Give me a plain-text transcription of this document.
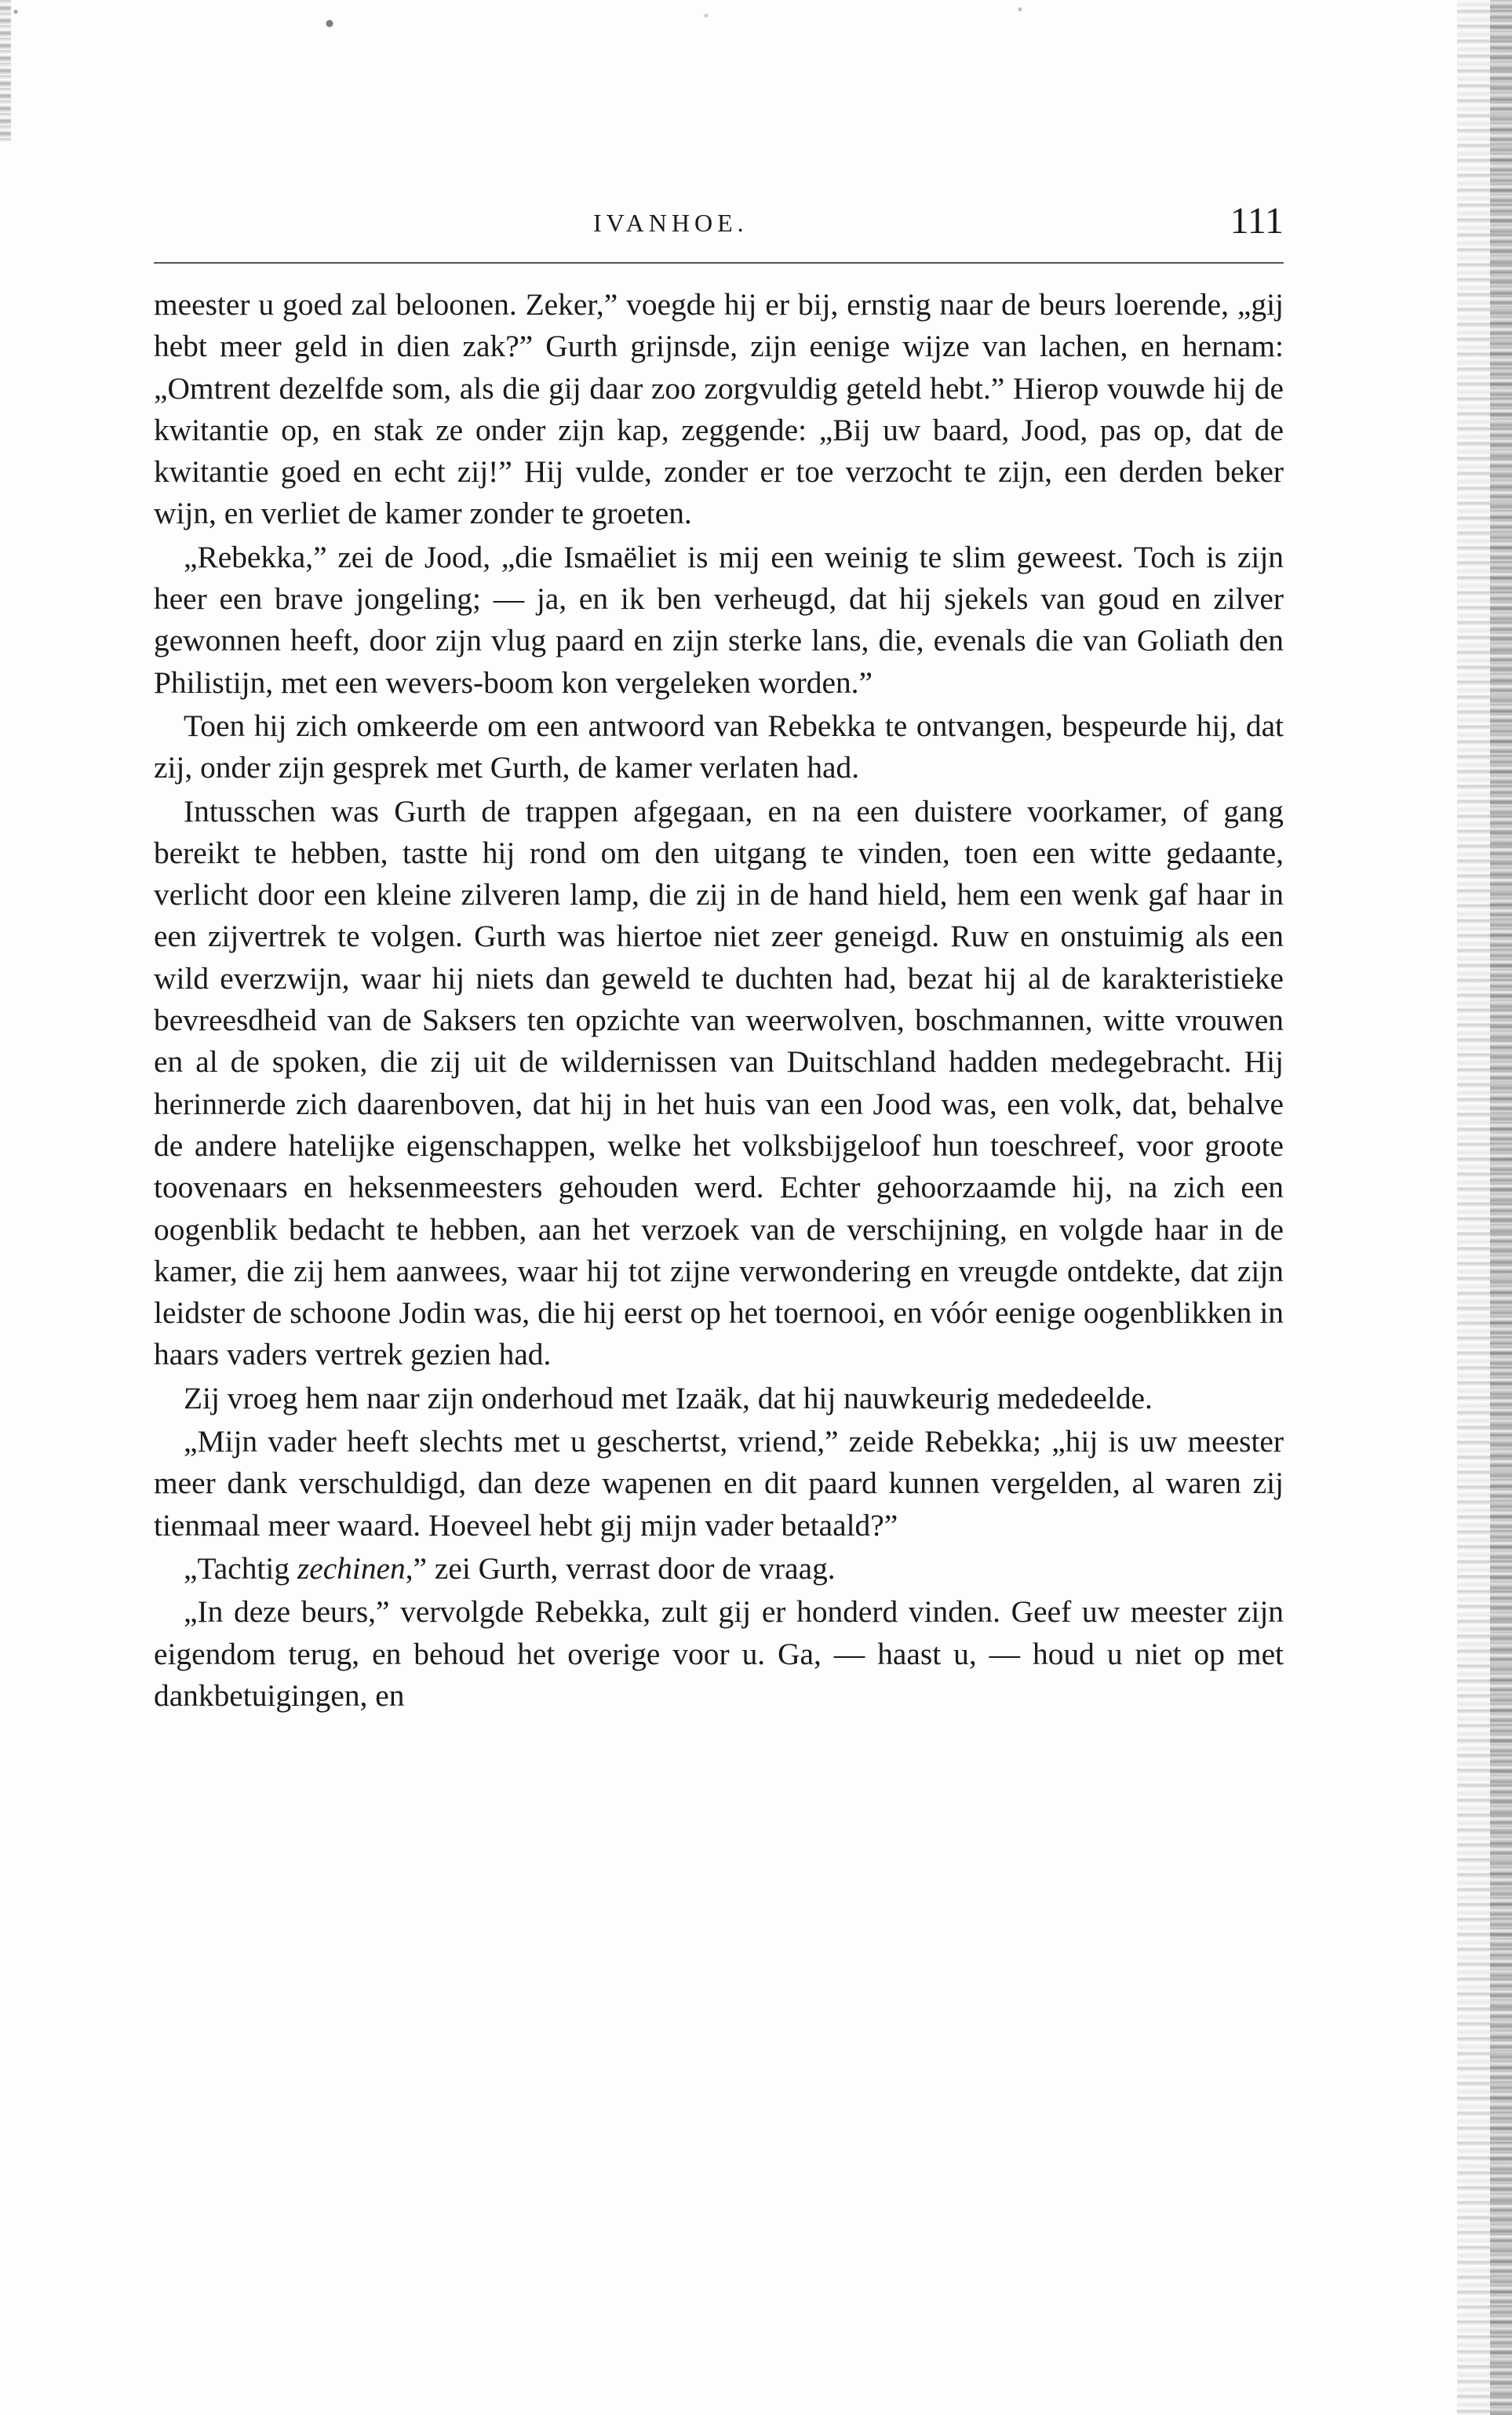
IVANHOE.	111

meester u goed zal beloonen. Zeker,” voegde hij er bij, ernstig naar de beurs loerende, „gij hebt meer geld in dien zak?” Gurth grijnsde, zijn eenige wijze van lachen, en hernam: „Omtrent dezelfde som, als die gij daar zoo zorgvuldig geteld hebt.” Hierop vouwde hij de kwitantie op, en stak ze onder zijn kap, zeggende: „Bij uw baard, Jood, pas op, dat de kwitantie goed en echt zij!” Hij vulde, zonder er toe verzocht te zijn, een derden beker wijn, en verliet de kamer zonder te groeten.

„Rebekka,” zei de Jood, „die Ismaëliet is mij een weinig te slim geweest. Toch is zijn heer een brave jongeling; — ja, en ik ben verheugd, dat hij sjekels van goud en zilver gewonnen heeft, door zijn vlug paard en zijn sterke lans, die, evenals die van Goliath den Philistijn, met een wevers-boom kon vergeleken worden.”

Toen hij zich omkeerde om een antwoord van Rebekka te ontvangen, bespeurde hij, dat zij, onder zijn gesprek met Gurth, de kamer verlaten had.

Intusschen was Gurth de trappen afgegaan, en na een duistere voorkamer, of gang bereikt te hebben, tastte hij rond om den uitgang te vinden, toen een witte gedaante, verlicht door een kleine zilveren lamp, die zij in de hand hield, hem een wenk gaf haar in een zijvertrek te volgen. Gurth was hiertoe niet zeer geneigd. Ruw en onstuimig als een wild everzwijn, waar hij niets dan geweld te duchten had, bezat hij al de karakteristieke bevreesdheid van de Saksers ten opzichte van weerwolven, boschmannen, witte vrouwen en al de spoken, die zij uit de wildernissen van Duitschland hadden medegebracht. Hij herinnerde zich daarenboven, dat hij in het huis van een Jood was, een volk, dat, behalve de andere hatelijke eigenschappen, welke het volksbijgeloof hun toeschreef, voor groote toovenaars en heksenmeesters gehouden werd. Echter gehoorzaamde hij, na zich een oogenblik bedacht te hebben, aan het verzoek van de verschijning, en volgde haar in de kamer, die zij hem aanwees, waar hij tot zijne verwondering en vreugde ontdekte, dat zijn leidster de schoone Jodin was, die hij eerst op het toernooi, en vóór eenige oogenblikken in haars vaders vertrek gezien had.

Zij vroeg hem naar zijn onderhoud met Izaäk, dat hij nauwkeurig mededeelde.

„Mijn vader heeft slechts met u geschertst, vriend,” zeide Rebekka; „hij is uw meester meer dank verschuldigd, dan deze wapenen en dit paard kunnen vergelden, al waren zij tienmaal meer waard. Hoeveel hebt gij mijn vader betaald?”

„Tachtig zechinen,” zei Gurth, verrast door de vraag.

„In deze beurs,” vervolgde Rebekka, zult gij er honderd vinden. Geef uw meester zijn eigendom terug, en behoud het overige voor u. Ga, — haast u, — houd u niet op met dankbetuigingen, en
